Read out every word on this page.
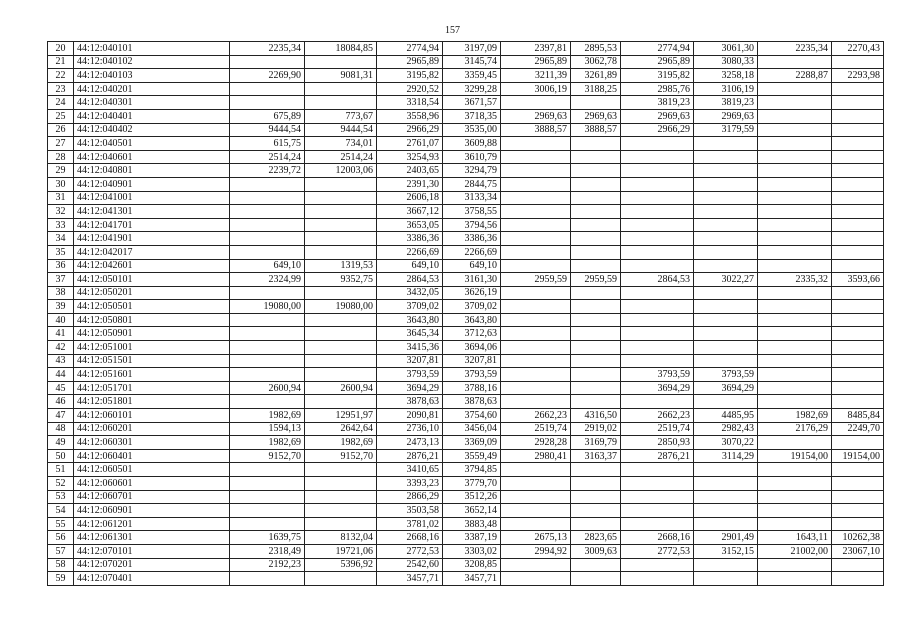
157
20	44:12:040101	2235,34	18084,85	2774,94	3197,09	2397,81	2895,53	2774,94	3061,30	2235,34	2270,43
21	44:12:040102			2965,89	3145,74	2965,89	3062,78	2965,89	3080,33		
22	44:12:040103	2269,90	9081,31	3195,82	3359,45	3211,39	3261,89	3195,82	3258,18	2288,87	2293,98
23	44:12:040201			2920,52	3299,28	3006,19	3188,25	2985,76	3106,19		
24	44:12:040301			3318,54	3671,57			3819,23	3819,23		
25	44:12:040401	675,89	773,67	3558,96	3718,35	2969,63	2969,63	2969,63	2969,63		
26	44:12:040402	9444,54	9444,54	2966,29	3535,00	3888,57	3888,57	2966,29	3179,59		
27	44:12:040501	615,75	734,01	2761,07	3609,88						
28	44:12:040601	2514,24	2514,24	3254,93	3610,79						
29	44:12:040801	2239,72	12003,06	2403,65	3294,79						
30	44:12:040901			2391,30	2844,75						
31	44:12:041001			2606,18	3133,34						
32	44:12:041301			3667,12	3758,55						
33	44:12:041701			3653,05	3794,56						
34	44:12:041901			3386,36	3386,36						
35	44:12:042017			2266,69	2266,69						
36	44:12:042601	649,10	1319,53	649,10	649,10						
37	44:12:050101	2324,99	9352,75	2864,53	3161,30	2959,59	2959,59	2864,53	3022,27	2335,32	3593,66
38	44:12:050201			3432,05	3626,19						
39	44:12:050501	19080,00	19080,00	3709,02	3709,02						
40	44:12:050801			3643,80	3643,80						
41	44:12:050901			3645,34	3712,63						
42	44:12:051001			3415,36	3694,06						
43	44:12:051501			3207,81	3207,81						
44	44:12:051601			3793,59	3793,59			3793,59	3793,59		
45	44:12:051701	2600,94	2600,94	3694,29	3788,16			3694,29	3694,29		
46	44:12:051801			3878,63	3878,63						
47	44:12:060101	1982,69	12951,97	2090,81	3754,60	2662,23	4316,50	2662,23	4485,95	1982,69	8485,84
48	44:12:060201	1594,13	2642,64	2736,10	3456,04	2519,74	2919,02	2519,74	2982,43	2176,29	2249,70
49	44:12:060301	1982,69	1982,69	2473,13	3369,09	2928,28	3169,79	2850,93	3070,22		
50	44:12:060401	9152,70	9152,70	2876,21	3559,49	2980,41	3163,37	2876,21	3114,29	19154,00	19154,00
51	44:12:060501			3410,65	3794,85						
52	44:12:060601			3393,23	3779,70						
53	44:12:060701			2866,29	3512,26						
54	44:12:060901			3503,58	3652,14						
55	44:12:061201			3781,02	3883,48						
56	44:12:061301	1639,75	8132,04	2668,16	3387,19	2675,13	2823,65	2668,16	2901,49	1643,11	10262,38
57	44:12:070101	2318,49	19721,06	2772,53	3303,02	2994,92	3009,63	2772,53	3152,15	21002,00	23067,10
58	44:12:070201	2192,23	5396,92	2542,60	3208,85						
59	44:12:070401			3457,71	3457,71						
